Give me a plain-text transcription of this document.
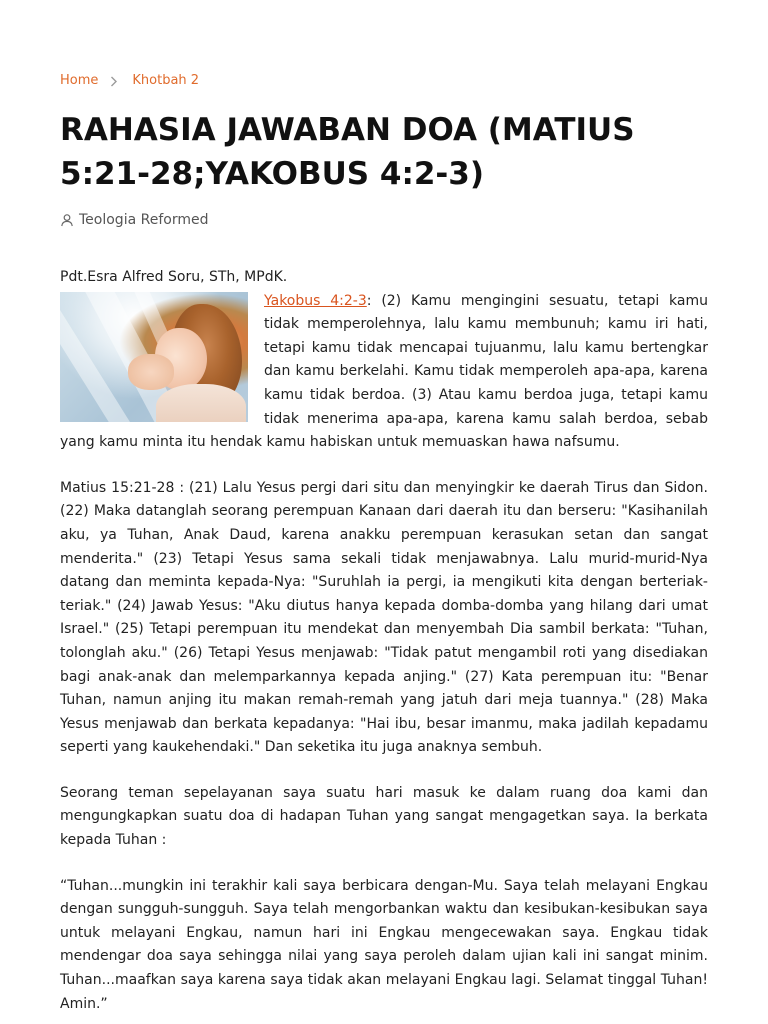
Home	Khotbah 2
RAHASIA JAWABAN DOA (MATIUS 5:21-28;YAKOBUS 4:2-3)
Teologia Reformed

Pdt.Esra Alfred Soru, STh, MPdK.

Yakobus 4:2-3: (2) Kamu mengingini sesuatu, tetapi kamu tidak memperolehnya, lalu kamu membunuh; kamu iri hati, tetapi kamu tidak mencapai tujuanmu, lalu kamu bertengkar dan kamu berkelahi. Kamu tidak memperoleh apa-apa, karena kamu tidak berdoa. (3) Atau kamu berdoa juga, tetapi kamu tidak menerima apa-apa, karena kamu salah berdoa, sebab yang kamu minta itu hendak kamu habiskan untuk memuaskan hawa nafsumu.

Matius 15:21-28 : (21) Lalu Yesus pergi dari situ dan menyingkir ke daerah Tirus dan Sidon. (22) Maka datanglah seorang perempuan Kanaan dari daerah itu dan berseru: "Kasihanilah aku, ya Tuhan, Anak Daud, karena anakku perempuan kerasukan setan dan sangat menderita." (23) Tetapi Yesus sama sekali tidak menjawabnya. Lalu murid-murid-Nya datang dan meminta kepada-Nya: "Suruhlah ia pergi, ia mengikuti kita dengan berteriak-teriak." (24) Jawab Yesus: "Aku diutus hanya kepada domba-domba yang hilang dari umat Israel." (25) Tetapi perempuan itu mendekat dan menyembah Dia sambil berkata: "Tuhan, tolonglah aku." (26) Tetapi Yesus menjawab: "Tidak patut mengambil roti yang disediakan bagi anak-anak dan melemparkannya kepada anjing." (27) Kata perempuan itu: "Benar Tuhan, namun anjing itu makan remah-remah yang jatuh dari meja tuannya." (28) Maka Yesus menjawab dan berkata kepadanya: "Hai ibu, besar imanmu, maka jadilah kepadamu seperti yang kaukehendaki." Dan seketika itu juga anaknya sembuh.

Seorang teman sepelayanan saya suatu hari masuk ke dalam ruang doa kami dan mengungkapkan suatu doa di hadapan Tuhan yang sangat mengagetkan saya. Ia berkata kepada Tuhan :

“Tuhan...mungkin ini terakhir kali saya berbicara dengan-Mu. Saya telah melayani Engkau dengan sungguh-sungguh. Saya telah mengorbankan waktu dan kesibukan-kesibukan saya untuk melayani Engkau, namun hari ini Engkau mengecewakan saya. Engkau tidak mendengar doa saya sehingga nilai yang saya peroleh dalam ujian kali ini sangat minim. Tuhan...maafkan saya karena saya tidak akan melayani Engkau lagi. Selamat tinggal Tuhan! Amin.”
